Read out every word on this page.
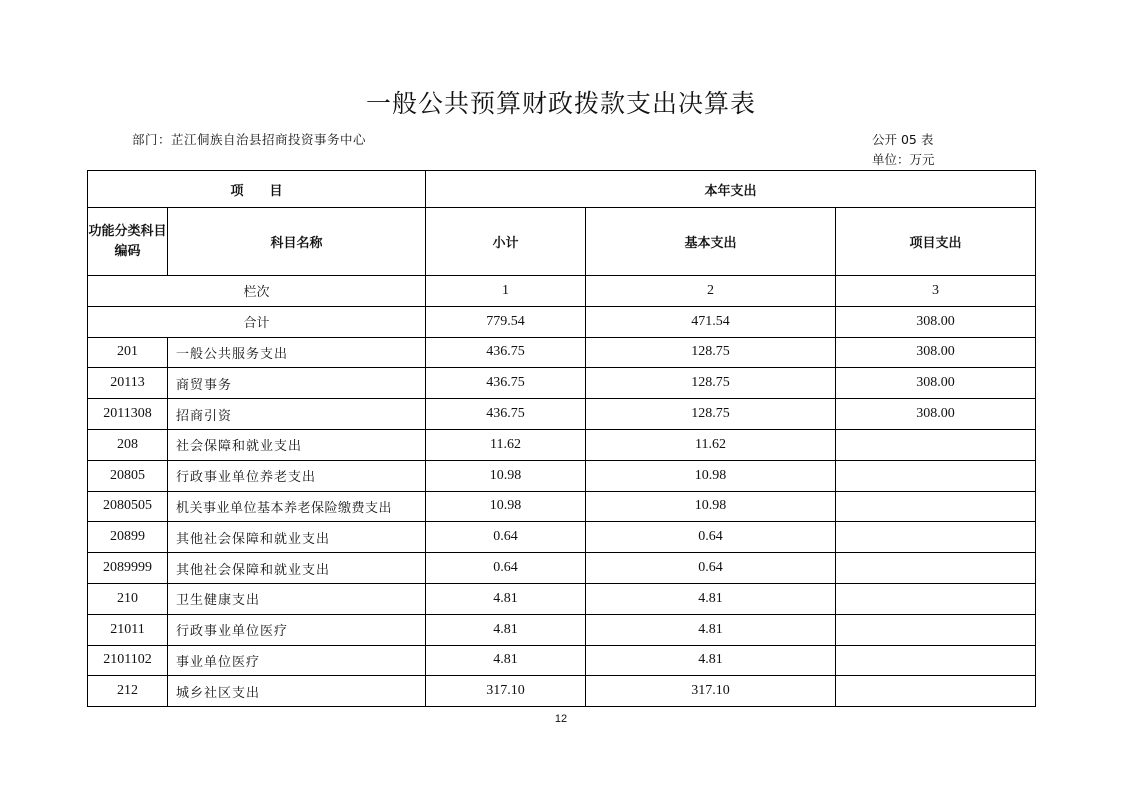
一般公共预算财政拨款支出决算表
部门：芷江侗族自治县招商投资事务中心	公开 05 表
单位：万元
项　　目		本年支出		
功能分类科目编码	科目名称	小计	基本支出	项目支出
栏次		1	2	3
合计		779.54	471.54	308.00
201	一般公共服务支出	436.75	128.75	308.00
20113	商贸事务	436.75	128.75	308.00
2011308	招商引资	436.75	128.75	308.00
208	社会保障和就业支出	11.62	11.62	
20805	行政事业单位养老支出	10.98	10.98	
2080505	机关事业单位基本养老保险缴费支出	10.98	10.98	
20899	其他社会保障和就业支出	0.64	0.64	
2089999	其他社会保障和就业支出	0.64	0.64	
210	卫生健康支出	4.81	4.81	
21011	行政事业单位医疗	4.81	4.81	
2101102	事业单位医疗	4.81	4.81	
212	城乡社区支出	317.10	317.10	
12
